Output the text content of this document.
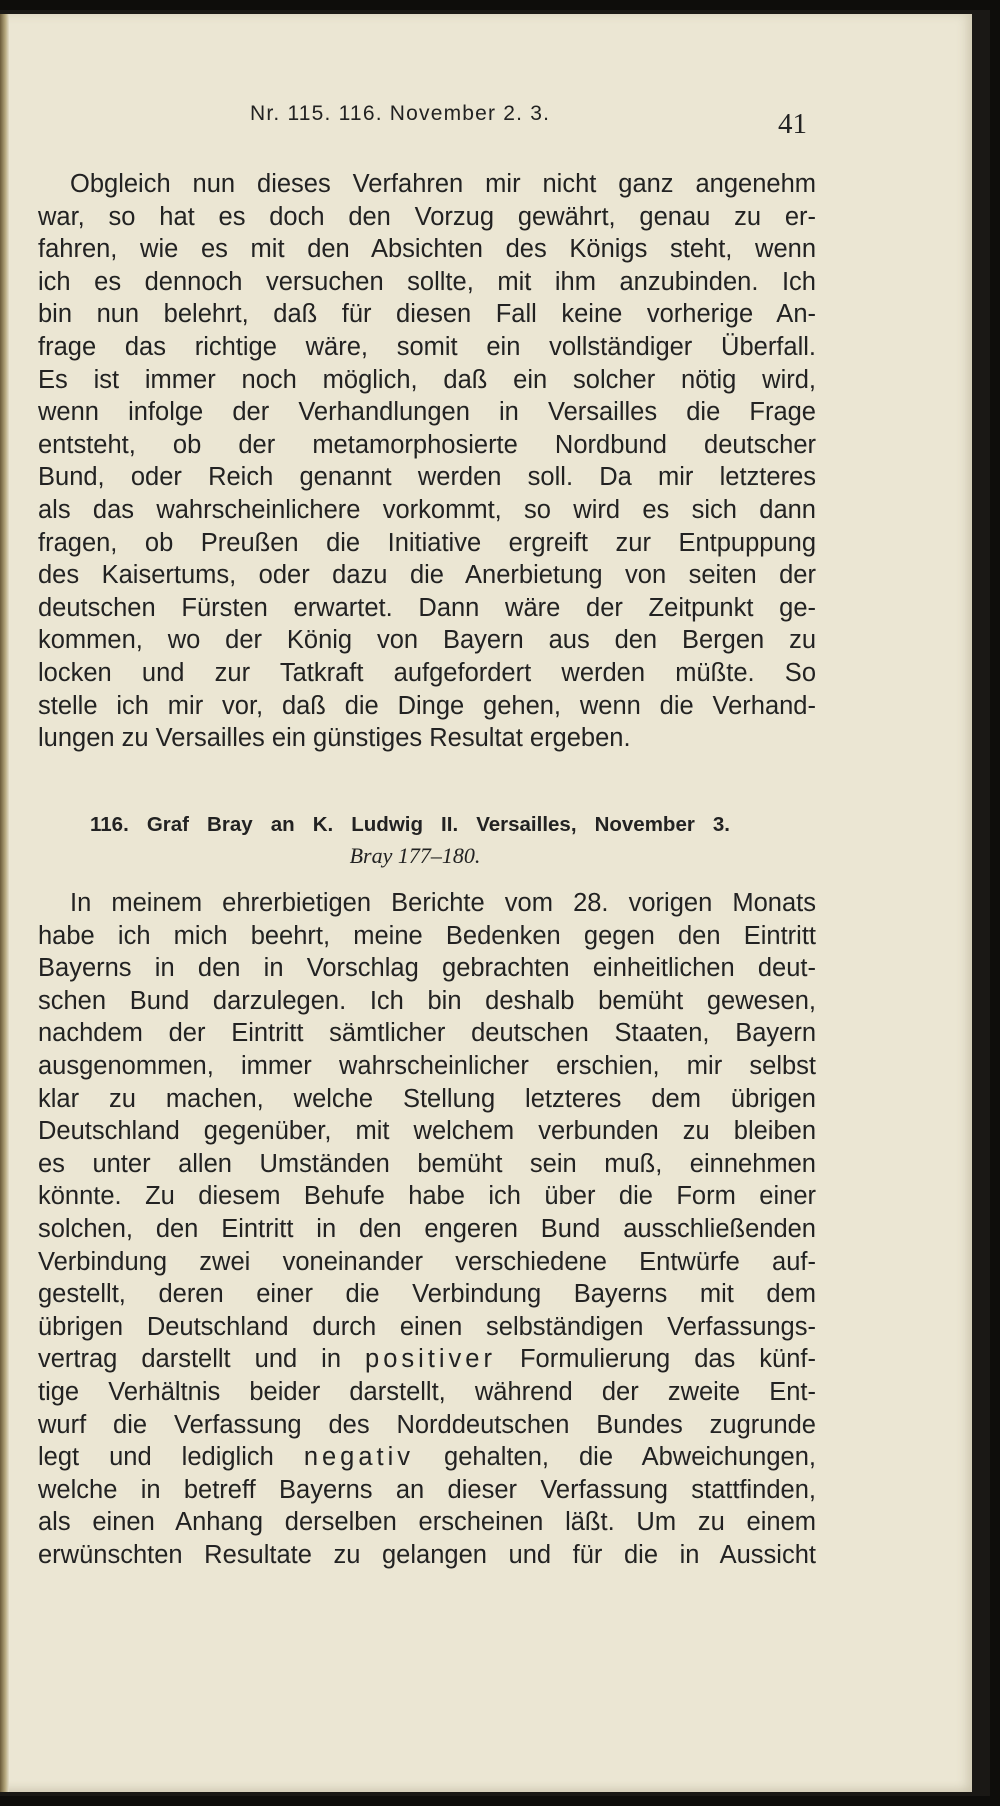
Nr. 115. 116. November 2. 3.	41
Obgleich nun dieses Verfahren mir nicht ganz angenehm
war, so hat es doch den Vorzug gewährt, genau zu er-
fahren, wie es mit den Absichten des Königs steht, wenn
ich es dennoch versuchen sollte, mit ihm anzubinden. Ich
bin nun belehrt, daß für diesen Fall keine vorherige An-
frage das richtige wäre, somit ein vollständiger Überfall.
Es ist immer noch möglich, daß ein solcher nötig wird,
wenn infolge der Verhandlungen in Versailles die Frage
entsteht, ob der metamorphosierte Nordbund deutscher
Bund, oder Reich genannt werden soll. Da mir letzteres
als das wahrscheinlichere vorkommt, so wird es sich dann
fragen, ob Preußen die Initiative ergreift zur Entpuppung
des Kaisertums, oder dazu die Anerbietung von seiten der
deutschen Fürsten erwartet. Dann wäre der Zeitpunkt ge-
kommen, wo der König von Bayern aus den Bergen zu
locken und zur Tatkraft aufgefordert werden müßte. So
stelle ich mir vor, daß die Dinge gehen, wenn die Verhand-
lungen zu Versailles ein günstiges Resultat ergeben.
116. Graf Bray an K. Ludwig II. Versailles, November 3.
Bray 177–180.
In meinem ehrerbietigen Berichte vom 28. vorigen Monats
habe ich mich beehrt, meine Bedenken gegen den Eintritt
Bayerns in den in Vorschlag gebrachten einheitlichen deut-
schen Bund darzulegen. Ich bin deshalb bemüht gewesen,
nachdem der Eintritt sämtlicher deutschen Staaten, Bayern
ausgenommen, immer wahrscheinlicher erschien, mir selbst
klar zu machen, welche Stellung letzteres dem übrigen
Deutschland gegenüber, mit welchem verbunden zu bleiben
es unter allen Umständen bemüht sein muß, einnehmen
könnte. Zu diesem Behufe habe ich über die Form einer
solchen, den Eintritt in den engeren Bund ausschließenden
Verbindung zwei voneinander verschiedene Entwürfe auf-
gestellt, deren einer die Verbindung Bayerns mit dem
übrigen Deutschland durch einen selbständigen Verfassungs-
vertrag darstellt und in positiver Formulierung das künf-
tige Verhältnis beider darstellt, während der zweite Ent-
wurf die Verfassung des Norddeutschen Bundes zugrunde
legt und lediglich negativ gehalten, die Abweichungen,
welche in betreff Bayerns an dieser Verfassung stattfinden,
als einen Anhang derselben erscheinen läßt. Um zu einem
erwünschten Resultate zu gelangen und für die in Aussicht
